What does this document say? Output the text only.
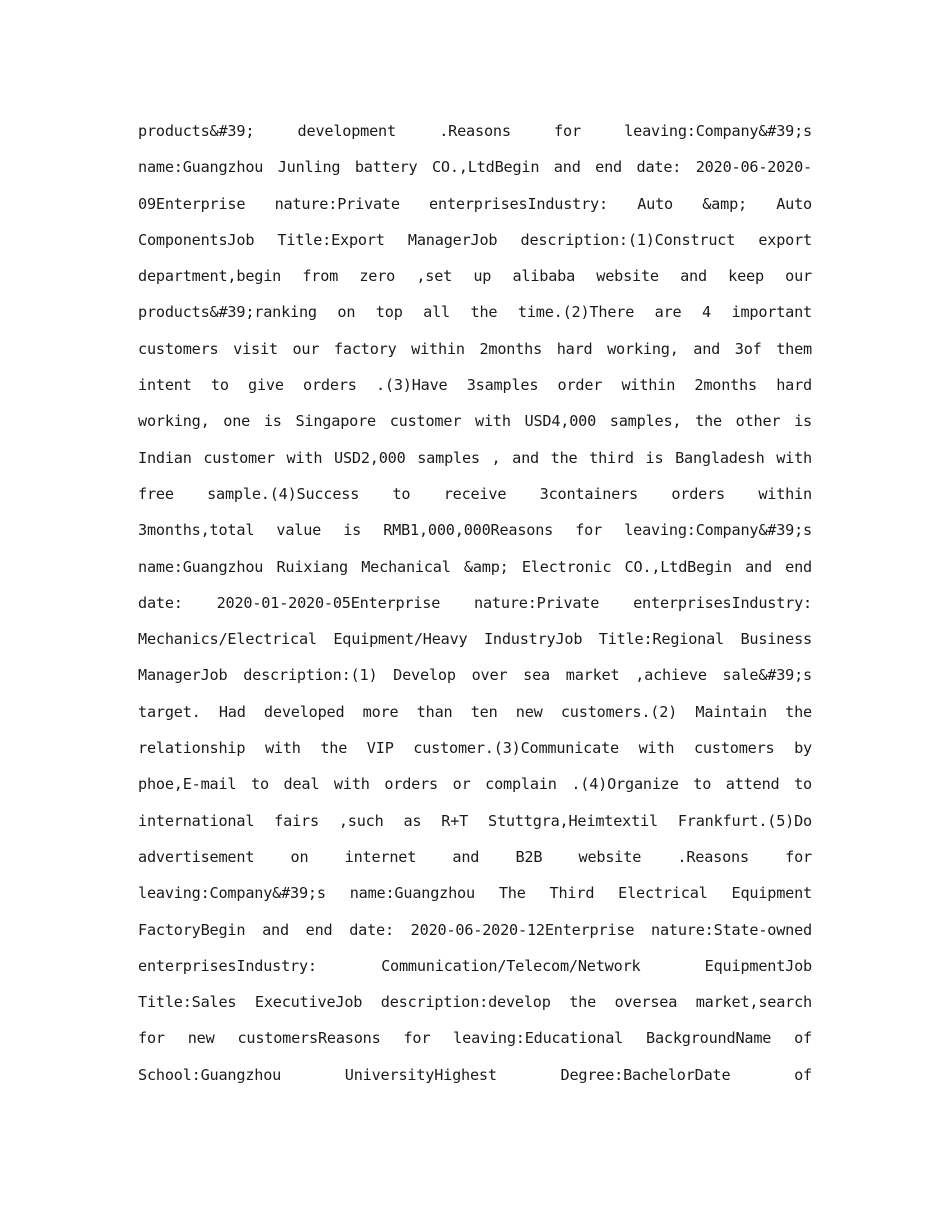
products&#39; development .Reasons for leaving:Company&#39;s
name:Guangzhou Junling battery CO.,LtdBegin and end date: 2020-06-2020-
09Enterprise nature:Private enterprisesIndustry: Auto &amp; Auto
ComponentsJob Title:Export ManagerJob description:(1)Construct export
department,begin from zero ,set up alibaba website and keep our
products&#39;ranking on top all the time.(2)There are 4 important
customers visit our factory within 2months hard working, and 3of them
intent to give orders .(3)Have 3samples order within 2months hard
working, one is Singapore customer with USD4,000 samples, the other is
Indian customer with USD2,000 samples , and the third is Bangladesh with
free sample.(4)Success to receive 3containers orders within
3months,total value is RMB1,000,000Reasons for leaving:Company&#39;s
name:Guangzhou Ruixiang Mechanical &amp; Electronic CO.,LtdBegin and end
date: 2020-01-2020-05Enterprise nature:Private enterprisesIndustry:
Mechanics/Electrical Equipment/Heavy IndustryJob Title:Regional Business
ManagerJob description:(1) Develop over sea market ,achieve sale&#39;s
target. Had developed more than ten new customers.(2) Maintain the
relationship with the VIP customer.(3)Communicate with customers by
phoe,E-mail to deal with orders or complain .(4)Organize to attend to
international fairs ,such as R+T Stuttgra,Heimtextil Frankfurt.(5)Do
advertisement on internet and B2B website .Reasons for
leaving:Company&#39;s name:Guangzhou The Third Electrical Equipment
FactoryBegin and end date: 2020-06-2020-12Enterprise nature:State-owned
enterprisesIndustry: Communication/Telecom/Network EquipmentJob
Title:Sales ExecutiveJob description:develop the oversea market,search
for new customersReasons for leaving:Educational BackgroundName of
School:Guangzhou UniversityHighest Degree:BachelorDate of
